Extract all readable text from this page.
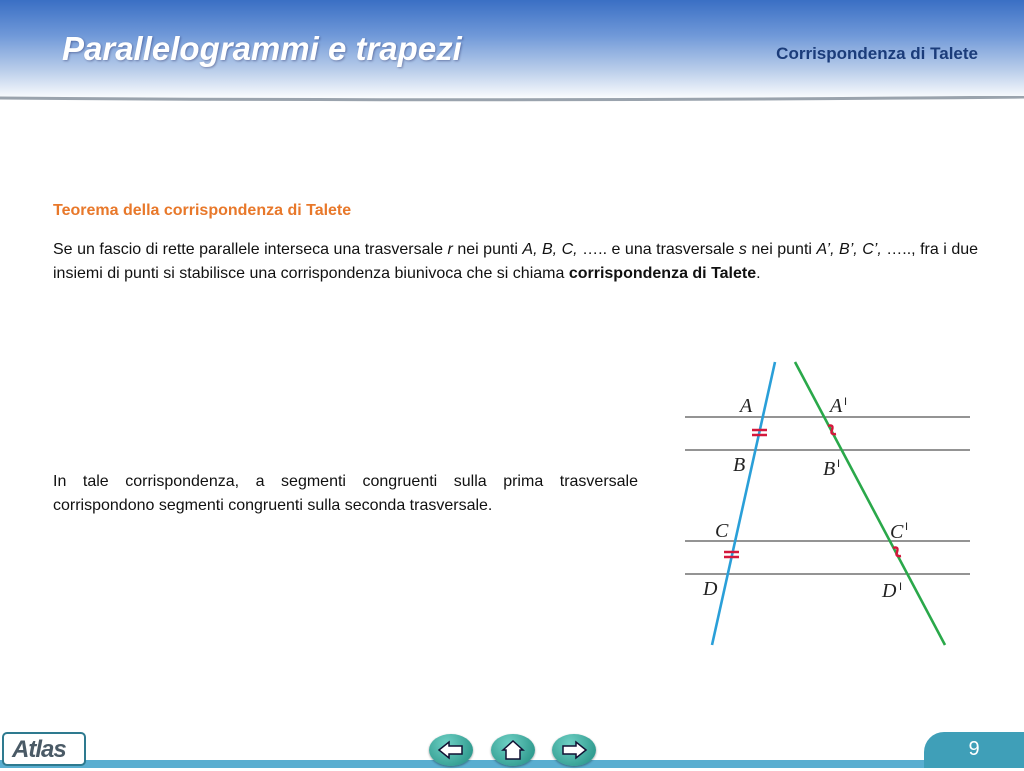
Parallelogrammi e trapezi	Corrispondenza di Talete
Teorema della corrispondenza di Talete
Se un fascio di rette parallele interseca una trasversale r nei punti A, B, C, ….. e una trasversale s nei punti A’, B’, C’, ….., fra i due insiemi di punti si stabilisce una corrispondenza biunivoca che si chiama corrispondenza di Talete.
In tale corrispondenza, a segmenti congruenti sulla prima trasversale corrispondono segmenti congruenti sulla seconda trasversale.
A
B
C
D
A
B
C
D
I
I
I
I
Atlas	9
